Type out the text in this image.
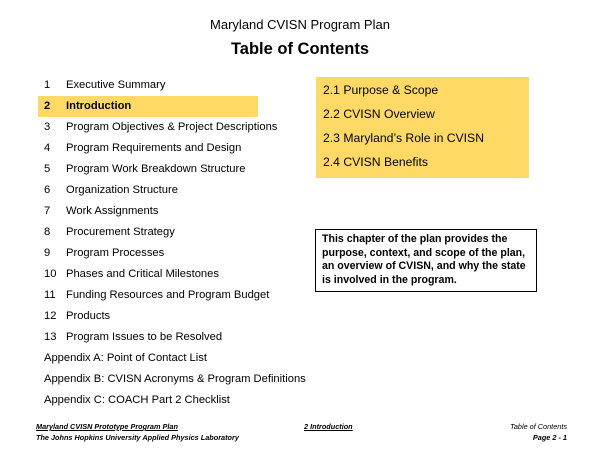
Maryland CVISN Program Plan
Table of Contents
1 Executive Summary
2 Introduction
3 Program Objectives & Project Descriptions
4 Program Requirements and Design
5 Program Work Breakdown Structure
6 Organization Structure
7 Work Assignments
8 Procurement Strategy
9 Program Processes
10 Phases and Critical Milestones
11 Funding Resources and Program Budget
12 Products
13 Program Issues to be Resolved
Appendix A: Point of Contact List
Appendix B: CVISN Acronyms & Program Definitions
Appendix C: COACH Part 2 Checklist
2.1 Purpose & Scope
2.2 CVISN Overview
2.3 Maryland’s Role in CVISN
2.4 CVISN Benefits
This chapter of the plan provides the purpose, context, and scope of the plan, an overview of CVISN, and why the state is involved in the program.
Maryland CVISN Prototype Program Plan
The Johns Hopkins University Applied Physics Laboratory
2 Introduction	Table of Contents
Page 2 - 1
